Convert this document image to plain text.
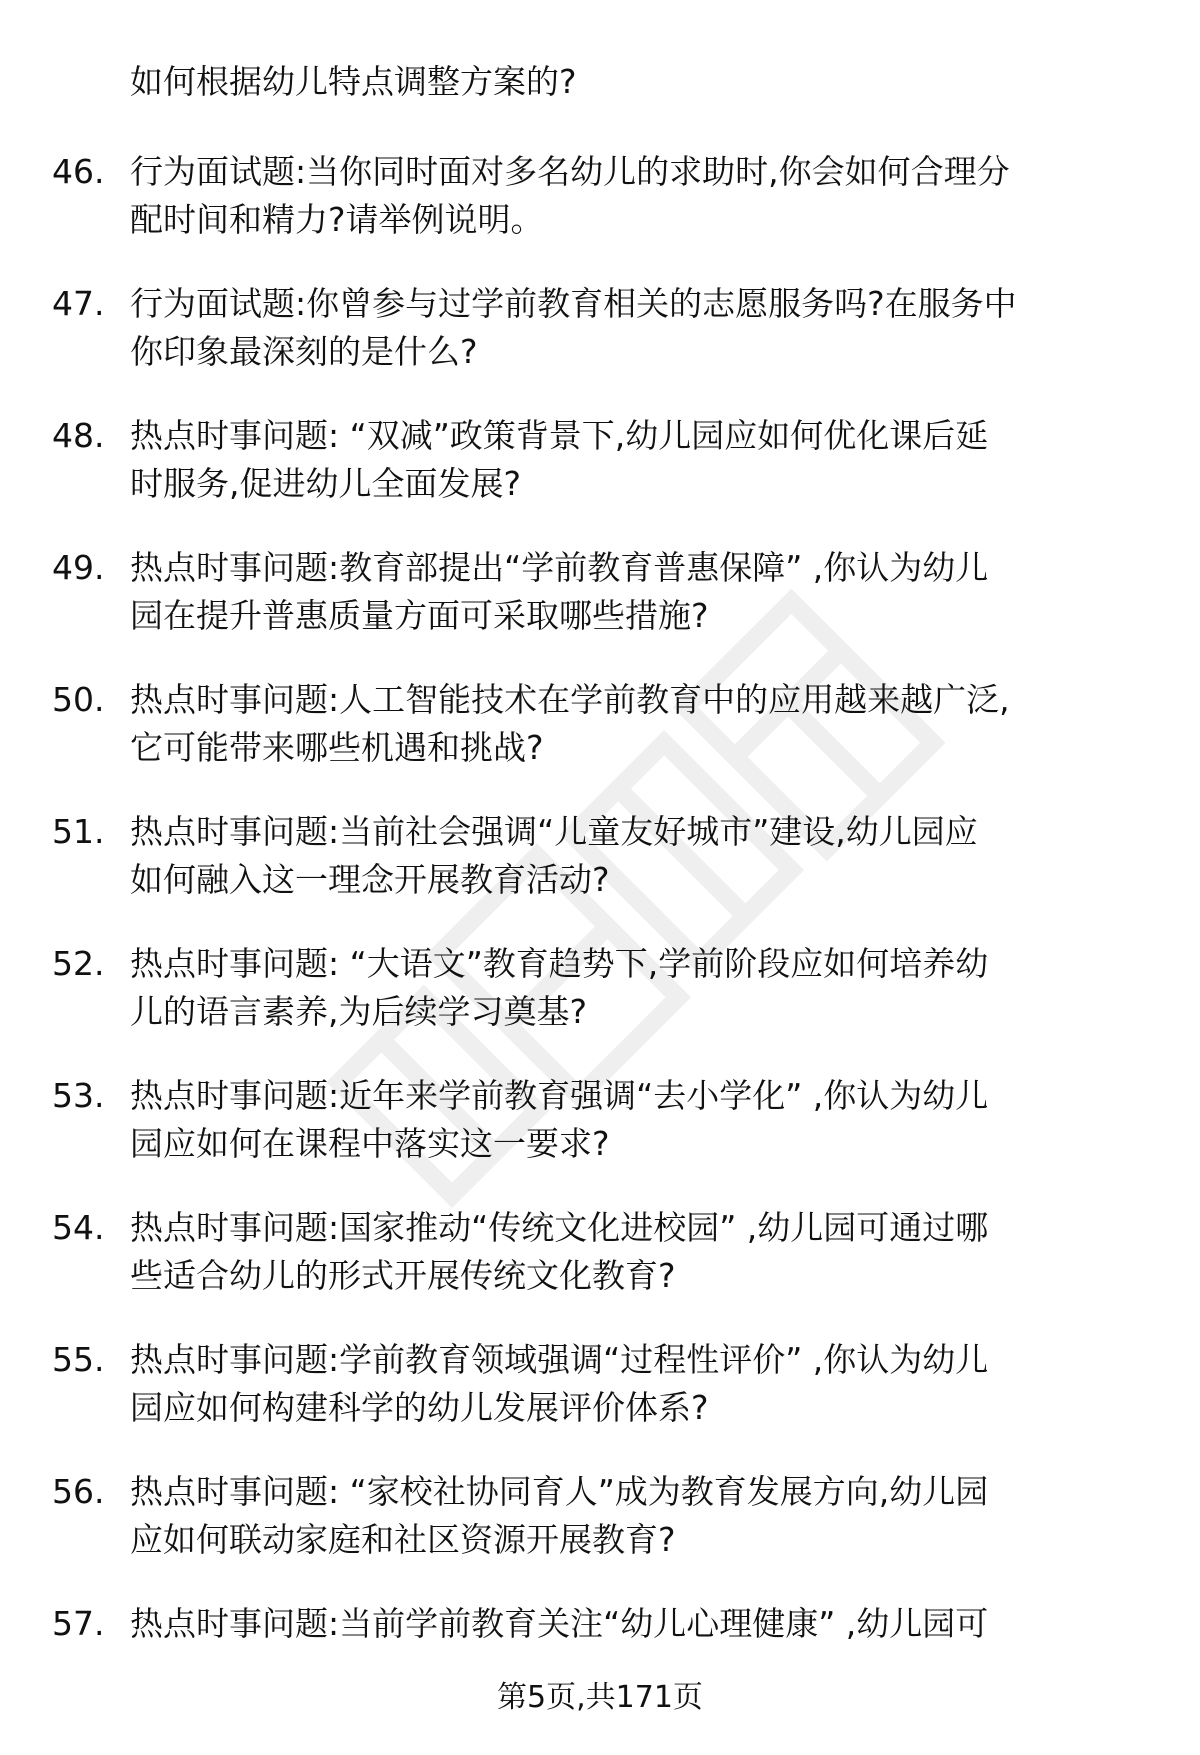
如何根据幼儿特点调整方案的?
46. 行为面试题:当你同时面对多名幼儿的求助时,你会如何合理分
配时间和精力?请举例说明。
47. 行为面试题:你曾参与过学前教育相关的志愿服务吗?在服务中
你印象最深刻的是什么?
48. 热点时事问题: “双减”政策背景下,幼儿园应如何优化课后延
时服务,促进幼儿全面发展?
49. 热点时事问题:教育部提出“学前教育普惠保障” ,你认为幼儿
园在提升普惠质量方面可采取哪些措施?
50. 热点时事问题:人工智能技术在学前教育中的应用越来越广泛,
它可能带来哪些机遇和挑战?
51. 热点时事问题:当前社会强调“儿童友好城市”建设,幼儿园应
如何融入这一理念开展教育活动?
52. 热点时事问题: “大语文”教育趋势下,学前阶段应如何培养幼
儿的语言素养,为后续学习奠基?
53. 热点时事问题:近年来学前教育强调“去小学化” ,你认为幼儿
园应如何在课程中落实这一要求?
54. 热点时事问题:国家推动“传统文化进校园” ,幼儿园可通过哪
些适合幼儿的形式开展传统文化教育?
55. 热点时事问题:学前教育领域强调“过程性评价” ,你认为幼儿
园应如何构建科学的幼儿发展评价体系?
56. 热点时事问题: “家校社协同育人”成为教育发展方向,幼儿园
应如何联动家庭和社区资源开展教育?
57. 热点时事问题:当前学前教育关注“幼儿心理健康” ,幼儿园可
第5页,共171页
